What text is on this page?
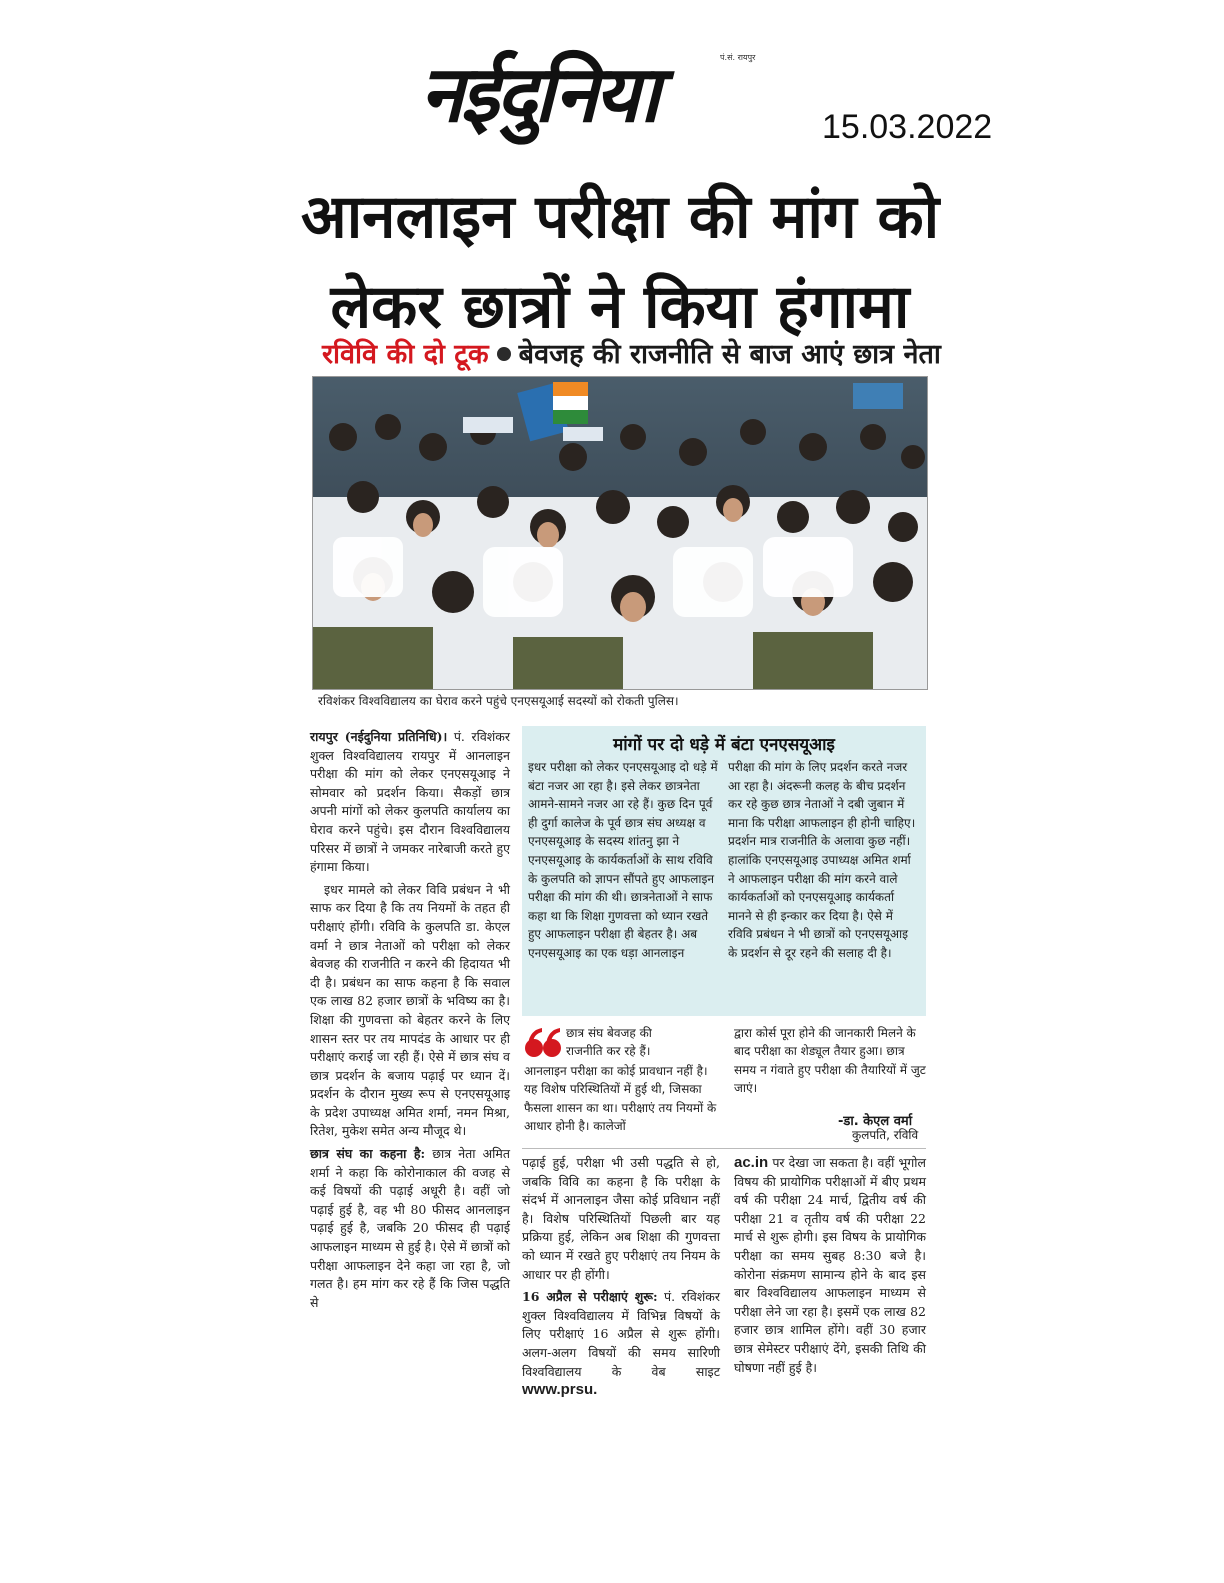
नईदुनिया	पं.सं. रायपुर
15.03.2022
आनलाइन परीक्षा की मांग को
लेकर छात्रों ने किया हंगामा
रविवि की दो टूक बेवजह की राजनीति से बाज आएं छात्र नेता
रविशंकर विश्वविद्यालय का घेराव करने पहुंचे एनएसयूआई सदस्यों को रोकती पुलिस।

रायपुर (नईदुनिया प्रतिनिधि)। पं. रविशंकर शुक्ल विश्वविद्यालय रायपुर में आनलाइन परीक्षा की मांग को लेकर एनएसयूआइ ने सोमवार को प्रदर्शन किया। सैकड़ों छात्र अपनी मांगों को लेकर कुलपति कार्यालय का घेराव करने पहुंचे। इस दौरान विश्वविद्यालय परिसर में छात्रों ने जमकर नारेबाजी करते हुए हंगामा किया।

इधर मामले को लेकर विवि प्रबंधन ने भी साफ कर दिया है कि तय नियमों के तहत ही परीक्षाएं होंगी। रविवि के कुलपति डा. केएल वर्मा ने छात्र नेताओं को परीक्षा को लेकर बेवजह की राजनीति न करने की हिदायत भी दी है। प्रबंधन का साफ कहना है कि सवाल एक लाख 82 हजार छात्रों के भविष्य का है। शिक्षा की गुणवत्ता को बेहतर करने के लिए शासन स्तर पर तय मापदंड के आधार पर ही परीक्षाएं कराई जा रही हैं। ऐसे में छात्र संघ व छात्र प्रदर्शन के बजाय पढ़ाई पर ध्यान दें। प्रदर्शन के दौरान मुख्य रूप से एनएसयूआइ के प्रदेश उपाध्यक्ष अमित शर्मा, नमन मिश्रा, रितेश, मुकेश समेत अन्य मौजूद थे।

छात्र संघ का कहना है: छात्र नेता अमित शर्मा ने कहा कि कोरोनाकाल की वजह से कई विषयों की पढ़ाई अधूरी है। वहीं जो पढ़ाई हुई है, वह भी 80 फीसद आनलाइन पढ़ाई हुई है, जबकि 20 फीसद ही पढ़ाई आफलाइन माध्यम से हुई है। ऐसे में छात्रों को परीक्षा आफलाइन देने कहा जा रहा है, जो गलत है। हम मांग कर रहे हैं कि जिस पद्धति से

मांगों पर दो धड़े में बंटा एनएसयूआइ
इधर परीक्षा को लेकर एनएसयूआइ दो धड़े में बंटा नजर आ रहा है। इसे लेकर छात्रनेता आमने-सामने नजर आ रहे हैं। कुछ दिन पूर्व ही दुर्गा कालेज के पूर्व छात्र संघ अध्यक्ष व एनएसयूआइ के सदस्य शांतनु झा ने एनएसयूआइ के कार्यकर्ताओं के साथ रविवि के कुलपति को ज्ञापन सौंपते हुए आफलाइन परीक्षा की मांग की थी। छात्रनेताओं ने साफ कहा था कि शिक्षा गुणवत्ता को ध्यान रखते हुए आफलाइन परीक्षा ही बेहतर है। अब एनएसयूआइ का एक धड़ा आनलाइन
परीक्षा की मांग के लिए प्रदर्शन करते नजर आ रहा है। अंदरूनी कलह के बीच प्रदर्शन कर रहे कुछ छात्र नेताओं ने दबी जुबान में माना कि परीक्षा आफलाइन ही होनी चाहिए। प्रदर्शन मात्र राजनीति के अलावा कुछ नहीं। हालांकि एनएसयूआइ उपाध्यक्ष अमित शर्मा ने आफलाइन परीक्षा की मांग करने वाले कार्यकर्ताओं को एनएसयूआइ कार्यकर्ता मानने से ही इन्कार कर दिया है। ऐसे में रविवि प्रबंधन ने भी छात्रों को एनएसयूआइ के प्रदर्शन से दूर रहने की सलाह दी है।
छात्र संघ बेवजह की
राजनीति कर रहे हैं।
आनलाइन परीक्षा का कोई प्रावधान नहीं है। यह विशेष परिस्थितियों में हुई थी, जिसका फैसला शासन का था। परीक्षाएं तय नियमों के आधार होनी है। कालेजों
द्वारा कोर्स पूरा होने की जानकारी मिलने के बाद परीक्षा का शेड्यूल तैयार हुआ। छात्र समय न गंवाते हुए परीक्षा की तैयारियों में जुट जाएं।
-डा. केएल वर्मा
कुलपति, रविवि

पढ़ाई हुई, परीक्षा भी उसी पद्धति से हो, जबकि विवि का कहना है कि परीक्षा के संदर्भ में आनलाइन जैसा कोई प्रविधान नहीं है। विशेष परिस्थितियों पिछली बार यह प्रक्रिया हुई, लेकिन अब शिक्षा की गुणवत्ता को ध्यान में रखते हुए परीक्षाएं तय नियम के आधार पर ही होंगी।

16 अप्रैल से परीक्षाएं शुरू: पं. रविशंकर शुक्ल विश्वविद्यालय में विभिन्न विषयों के लिए परीक्षाएं 16 अप्रैल से शुरू होंगी। अलग-अलग विषयों की समय सारिणी विश्वविद्यालय के वेब साइट www.prsu.

ac.in पर देखा जा सकता है। वहीं भूगोल विषय की प्रायोगिक परीक्षाओं में बीए प्रथम वर्ष की परीक्षा 24 मार्च, द्वितीय वर्ष की परीक्षा 21 व तृतीय वर्ष की परीक्षा 22 मार्च से शुरू होगी। इस विषय के प्रायोगिक परीक्षा का समय सुबह 8:30 बजे है। कोरोना संक्रमण सामान्य होने के बाद इस बार विश्वविद्यालय आफलाइन माध्यम से परीक्षा लेने जा रहा है। इसमें एक लाख 82 हजार छात्र शामिल होंगे। वहीं 30 हजार छात्र सेमेस्टर परीक्षाएं देंगे, इसकी तिथि की घोषणा नहीं हुई है।
